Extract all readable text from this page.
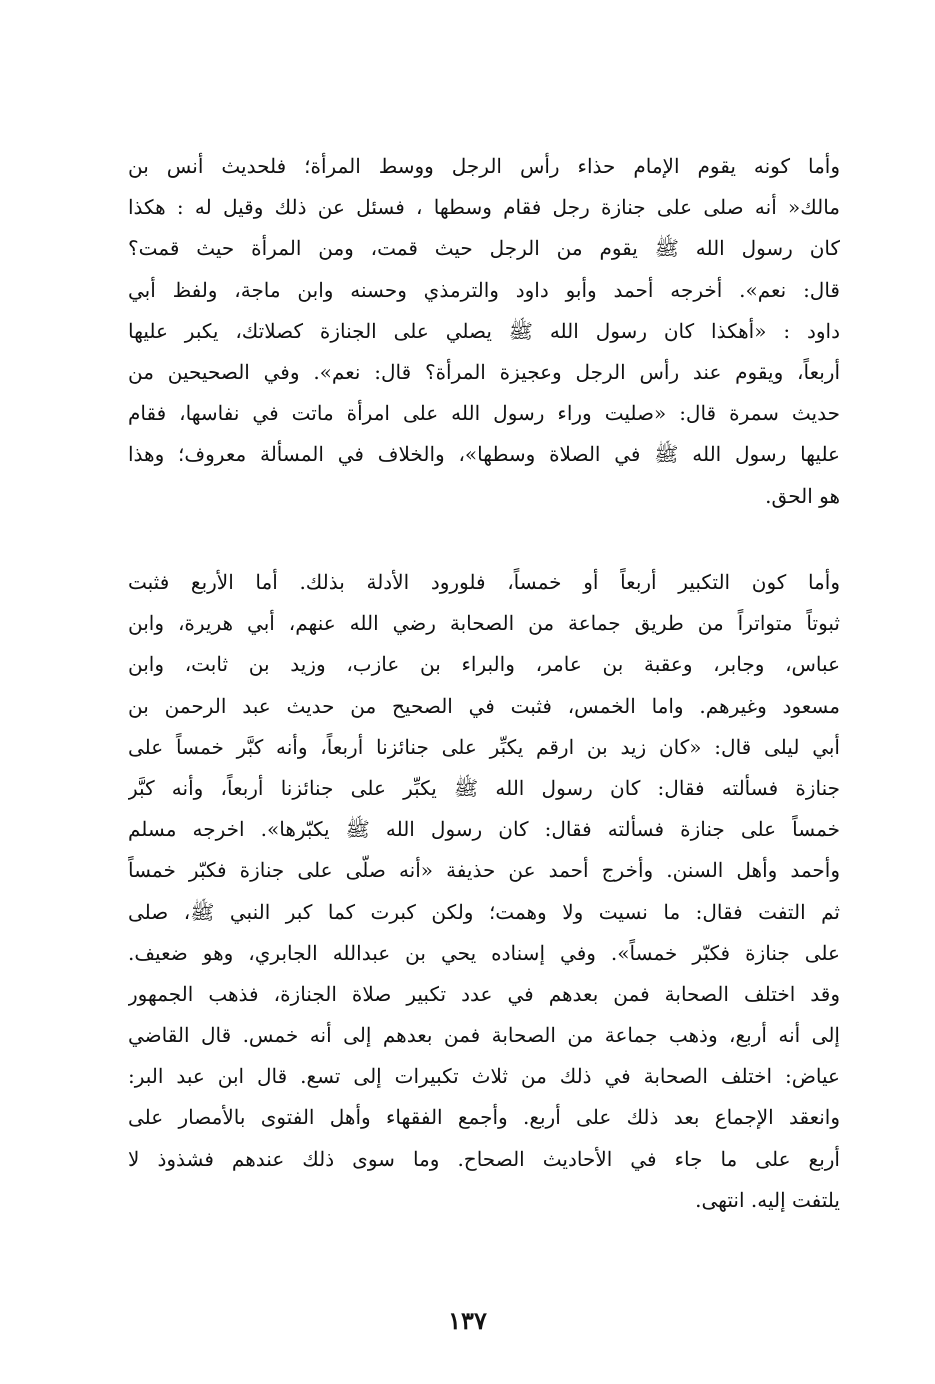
وأما كونه يقوم الإمام حذاء رأس الرجل ووسط المرأة؛ فلحديث أنس بن
مالك« أنه صلى على جنازة رجل فقام وسطها ، فسئل عن ذلك وقيل له : هكذا
كان رسول الله ﷺ يقوم من الرجل حيث قمت، ومن المرأة حيث قمت؟
قال: نعم». أخرجه أحمد وأبو داود والترمذي وحسنه وابن ماجة، ولفظ أبي
داود : «أهكذا كان رسول الله ﷺ يصلي على الجنازة كصلاتك، يكبر عليها
أربعاً، ويقوم عند رأس الرجل وعجيزة المرأة؟ قال: نعم». وفي الصحيحين من
حديث سمرة قال: «صليت وراء رسول الله على امرأة ماتت في نفاسها، فقام
عليها رسول الله ﷺ في الصلاة وسطها»، والخلاف في المسألة معروف؛ وهذا
هو الحق.
وأما كون التكبير أربعاً أو خمساً، فلورود الأدلة بذلك. أما الأربع فثبت
ثبوتاً متواتراً من طريق جماعة من الصحابة رضي الله عنهم، أبي هريرة، وابن
عباس، وجابر، وعقبة بن عامر، والبراء بن عازب، وزيد بن ثابت، وابن
مسعود وغيرهم. واما الخمس، فثبت في الصحيح من حديث عبد الرحمن بن
أبي ليلى قال: «كان زيد بن ارقم يكبِّر على جنائزنا أربعاً، وأنه كبَّر خمساً على
جنازة فسألته فقال: كان رسول الله ﷺ يكبِّر على جنائزنا أربعاً، وأنه كبَّر
خمساً على جنازة فسألته فقال: كان رسول الله ﷺ يكبّرها». اخرجه مسلم
وأحمد وأهل السنن. وأخرج أحمد عن حذيفة «أنه صلّى على جنازة فكبّر خمساً
ثم التفت فقال: ما نسيت ولا وهمت؛ ولكن كبرت كما كبر النبي ﷺ، صلى
على جنازة فكبّر خمساً». وفي إسناده يحي بن عبدالله الجابري، وهو ضعيف.
وقد اختلف الصحابة فمن بعدهم في عدد تكبير صلاة الجنازة، فذهب الجمهور
إلى أنه أربع، وذهب جماعة من الصحابة فمن بعدهم إلى أنه خمس. قال القاضي
عياض: اختلف الصحابة في ذلك من ثلاث تكبيرات إلى تسع. قال ابن عبد البر:
وانعقد الإجماع بعد ذلك على أربع. وأجمع الفقهاء وأهل الفتوى بالأمصار على
أربع على ما جاء في الأحاديث الصحاح. وما سوى ذلك عندهم فشذوذ لا
يلتفت إليه. انتهى.
١٣٧
